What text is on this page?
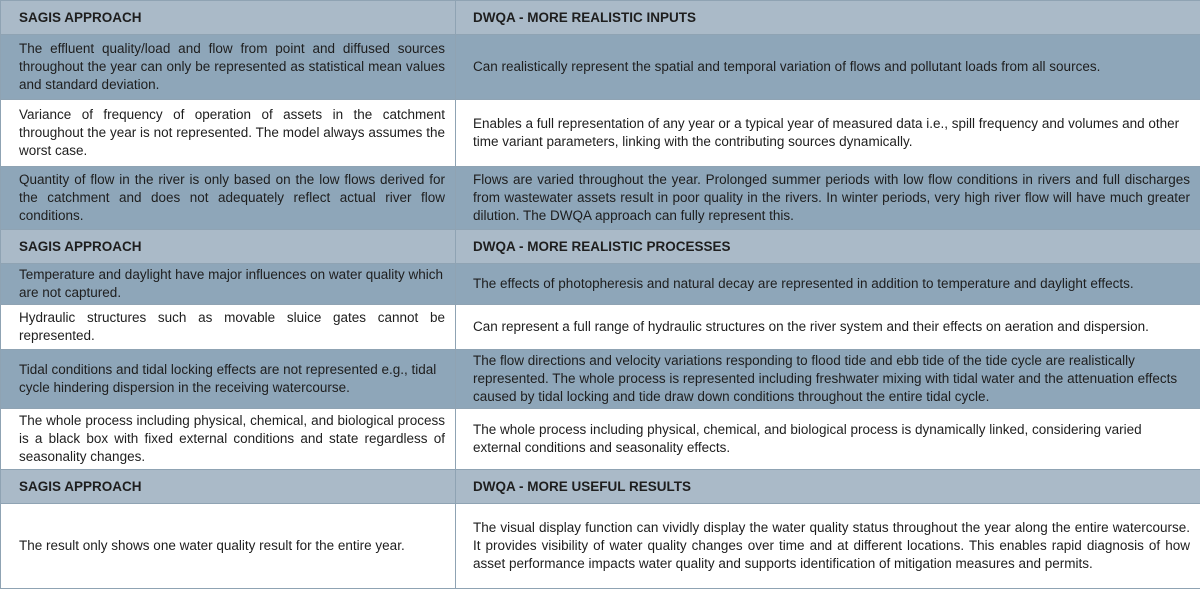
SAGIS APPROACH	DWQA - MORE REALISTIC INPUTS
The effluent quality/load and flow from point and diffused sources throughout the year can only be represented as statistical mean values and standard deviation.	Can realistically represent the spatial and temporal variation of flows and pollutant loads from all sources.
Variance of frequency of operation of assets in the catchment throughout the year is not represented. The model always assumes the worst case.	Enables a full representation of any year or a typical year of measured data i.e., spill frequency and volumes and other time variant parameters, linking with the contributing sources dynamically.
Quantity of flow in the river is only based on the low flows derived for the catchment and does not adequately reflect actual river flow conditions.	Flows are varied throughout the year. Prolonged summer periods with low flow conditions in rivers and full discharges from wastewater assets result in poor quality in the rivers. In winter periods, very high river flow will have much greater dilution. The DWQA approach can fully represent this.
SAGIS APPROACH	DWQA - MORE REALISTIC PROCESSES
Temperature and daylight have major influences on water quality which are not captured.	The effects of photopheresis and natural decay are represented in addition to temperature and daylight effects.
Hydraulic structures such as movable sluice gates cannot be represented.	Can represent a full range of hydraulic structures on the river system and their effects on aeration and dispersion.
Tidal conditions and tidal locking effects are not represented e.g., tidal cycle hindering dispersion in the receiving watercourse.	The flow directions and velocity variations responding to flood tide and ebb tide of the tide cycle are realistically represented. The whole process is represented including freshwater mixing with tidal water and the attenuation effects caused by tidal locking and tide draw down conditions throughout the entire tidal cycle.
The whole process including physical, chemical, and biological process is a black box with fixed external conditions and state regardless of seasonality changes.	The whole process including physical, chemical, and biological process is dynamically linked, considering varied external conditions and seasonality effects.
SAGIS APPROACH	DWQA - MORE USEFUL RESULTS
The result only shows one water quality result for the entire year.	The visual display function can vividly display the water quality status throughout the year along the entire watercourse. It provides visibility of water quality changes over time and at different locations. This enables rapid diagnosis of how asset performance impacts water quality and supports identification of mitigation measures and permits.
